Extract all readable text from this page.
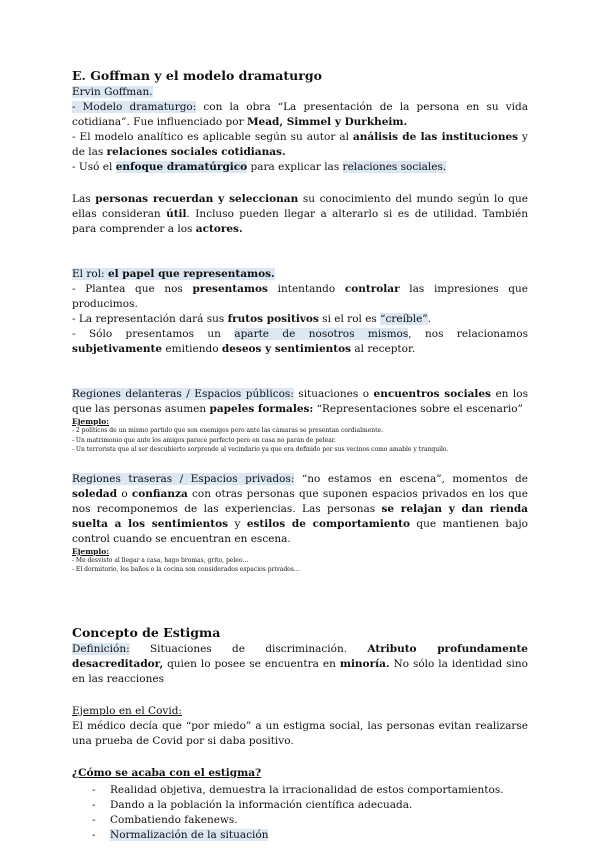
E. Goffman y el modelo dramaturgo

Ervin Goffman.

- Modelo dramaturgo: con la obra “La presentación de la persona en su vida cotidiana”. Fue influenciado por Mead, Simmel y Durkheim.

- El modelo analítico es aplicable según su autor al análisis de las instituciones y de las relaciones sociales cotidianas.

- Usó el enfoque dramatúrgico para explicar las relaciones sociales.

Las personas recuerdan y seleccionan su conocimiento del mundo según lo que ellas consideran útil. Incluso pueden llegar a alterarlo si es de utilidad. También para comprender a los actores.

El rol: el papel que representamos.

- Plantea que nos presentamos intentando controlar las impresiones que producimos.

- La representación dará sus frutos positivos si el rol es “creíble”.

- Sólo presentamos un aparte de nosotros mismos, nos relacionamos subjetivamente emitiendo deseos y sentimientos al receptor.

Regiones delanteras / Espacios públicos: situaciones o encuentros sociales en los que las personas asumen papeles formales: “Representaciones sobre el escenario”

Ejemplo:

- 2 políticos de un mismo partido que son enemigos pero ante las cámaras se presentan cordialmente.

- Un matrimonio que ante los amigos parece perfecto pero en casa no paran de pelear.

- Un terrorista que al ser descubierto sorprende al vecindario ya que era definido por sus vecinos como amable y tranquilo.

Regiones traseras / Espacios privados: “no estamos en escena”, momentos de soledad o confianza con otras personas que suponen espacios privados en los que nos recomponemos de las experiencias. Las personas se relajan y dan rienda suelta a los sentimientos y estilos de comportamiento que mantienen bajo control cuando se encuentran en escena.

Ejemplo:

- Me desvisto al llegar a casa, hago bromas, grito, peleo…

- El dormitorio, los baños o la cocina son considerados espacios privados…

Concepto de Estigma

Definición: Situaciones de discriminación. Atributo profundamente desacreditador, quien lo posee se encuentra en minoría. No sólo la identidad sino en las reacciones

Ejemplo en el Covid:

El médico decía que “por miedo” a un estigma social, las personas evitan realizarse una prueba de Covid por si daba positivo.

¿Cómo se acaba con el estigma?

- Realidad objetiva, demuestra la irracionalidad de estos comportamientos.
- Dando a la población la información científica adecuada.
- Combatiendo fakenews.
- Normalización de la situación
